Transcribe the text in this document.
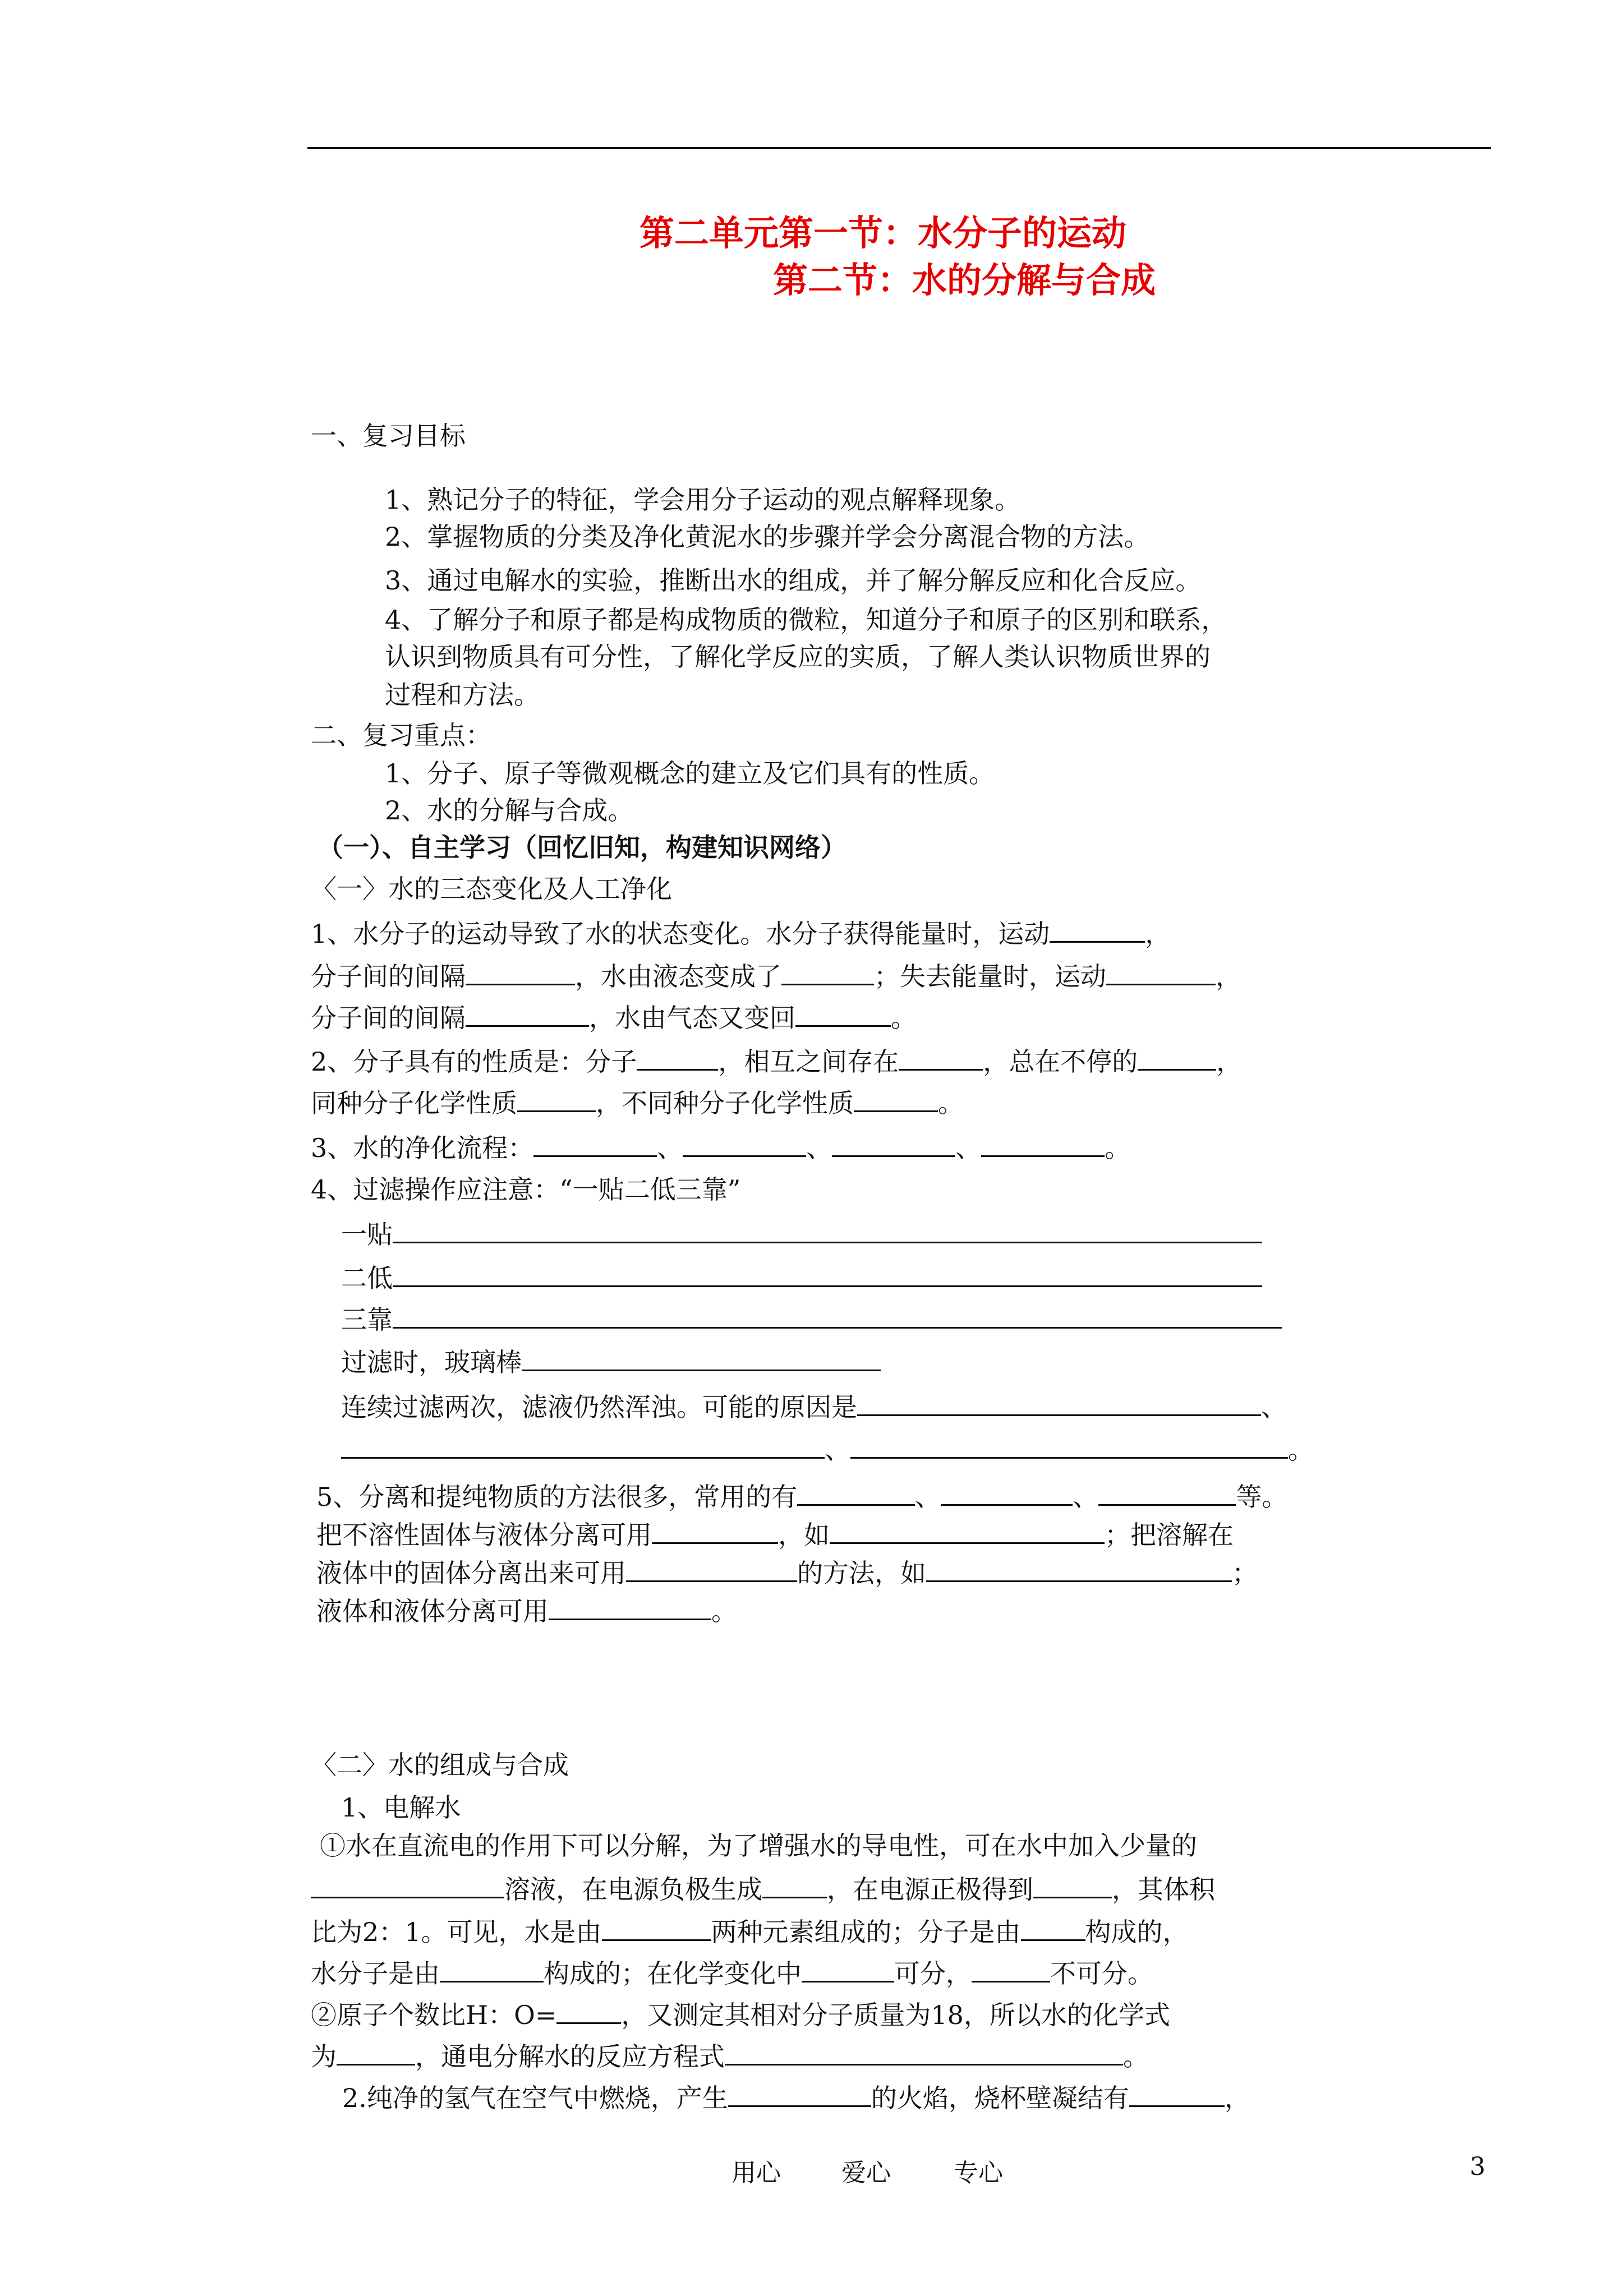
第二单元第一节：水分子的运动
第二节：水的分解与合成
一、复习目标
1、熟记分子的特征，学会用分子运动的观点解释现象。
2、掌握物质的分类及净化黄泥水的步骤并学会分离混合物的方法。
3、通过电解水的实验，推断出水的组成，并了解分解反应和化合反应。
4、了解分子和原子都是构成物质的微粒，知道分子和原子的区别和联系，
认识到物质具有可分性，了解化学反应的实质，了解人类认识物质世界的
过程和方法。
二、复习重点：
1、分子、原子等微观概念的建立及它们具有的性质。
2、水的分解与合成。
（一）、自主学习（回忆旧知，构建知识网络）
〈一〉水的三态变化及人工净化
1、水分子的运动导致了水的状态变化。水分子获得能量时，运动	，
分子间的间隔	，水由液态变成了	；失去能量时，运动	，
分子间的间隔	，水由气态又变回	。
2、分子具有的性质是：分子	，相互之间存在	，总在不停的	，
同种分子化学性质	，不同种分子化学性质	。
3、水的净化流程：	、	、	、	。
4、过滤操作应注意：“一贴二低三靠”
一贴
二低
三靠
过滤时，玻璃棒
连续过滤两次，滤液仍然浑浊。可能的原因是	、
、	。
5、分离和提纯物质的方法很多，常用的有	、	、	等。
把不溶性固体与液体分离可用	，如	；把溶解在
液体中的固体分离出来可用	的方法，如	；
液体和液体分离可用	。
〈二〉水的组成与合成
1、电解水
①水在直流电的作用下可以分解，为了增强水的导电性，可在水中加入少量的
溶液，在电源负极生成	，在电源正极得到	，其体积
比为2：1。可见，水是由	两种元素组成的；分子是由	构成的，
水分子是由	构成的；在化学变化中	可分，	不可分。
②原子个数比H：O=	，又测定其相对分子质量为18，所以水的化学式
为	，通电分解水的反应方程式	。
2.纯净的氢气在空气中燃烧，产生	的火焰，烧杯壁凝结有	，
用心 爱心	专心	3
